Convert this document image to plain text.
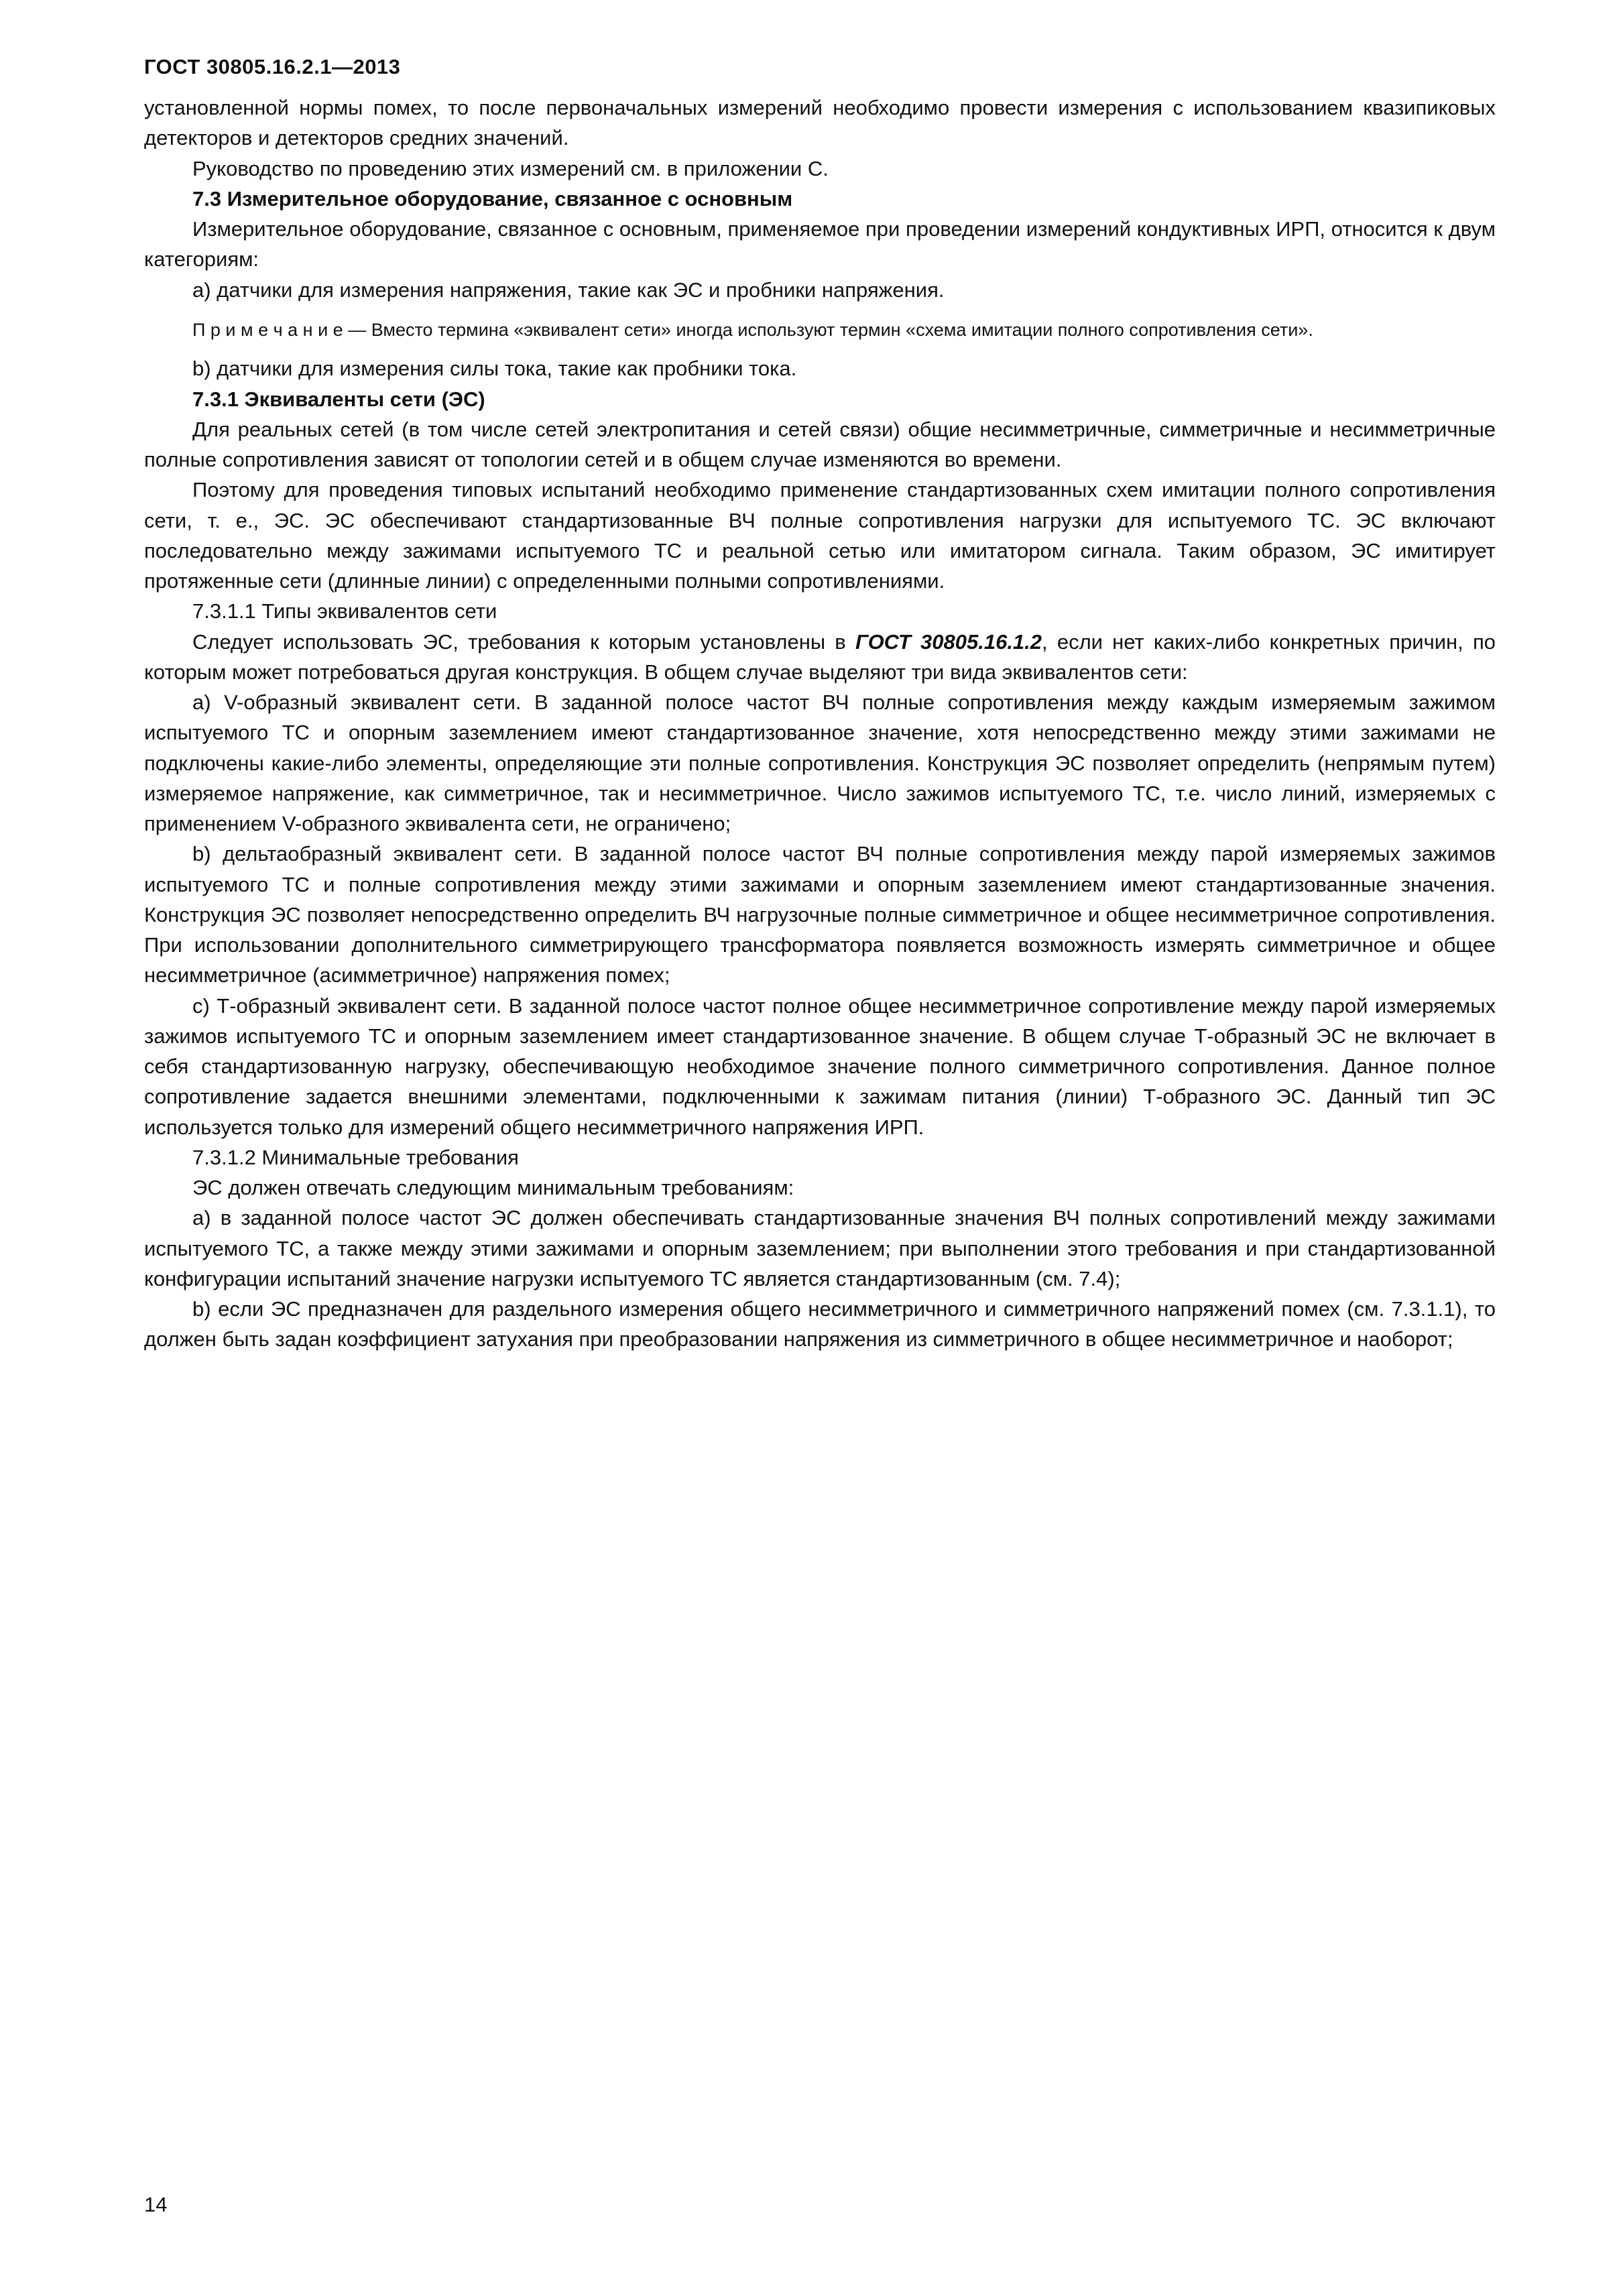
ГОСТ 30805.16.2.1—2013

установленной нормы помех, то после первоначальных измерений необходимо провести измерения с использованием квазипиковых детекторов и детекторов средних значений.

Руководство по проведению этих измерений см. в приложении С.

7.3 Измерительное оборудование, связанное с основным

Измерительное оборудование, связанное с основным, применяемое при проведении измерений кондуктивных ИРП, относится к двум категориям:

a) датчики для измерения напряжения, такие как ЭС и пробники напряжения.

П р и м е ч а н и е — Вместо термина «эквивалент сети» иногда используют термин «схема имитации полного сопротивления сети».

b) датчики для измерения силы тока, такие как пробники тока.

7.3.1 Эквиваленты сети (ЭС)

Для реальных сетей (в том числе сетей электропитания и сетей связи) общие несимметричные, симметричные и несимметричные полные сопротивления зависят от топологии сетей и в общем случае изменяются во времени.

Поэтому для проведения типовых испытаний необходимо применение стандартизованных схем имитации полного сопротивления сети, т. е., ЭС. ЭС обеспечивают стандартизованные ВЧ полные сопротивления нагрузки для испытуемого ТС. ЭС включают последовательно между зажимами испытуемого ТС и реальной сетью или имитатором сигнала. Таким образом, ЭС имитирует протяженные сети (длинные линии) с определенными полными сопротивлениями.

7.3.1.1 Типы эквивалентов сети

Следует использовать ЭС, требования к которым установлены в ГОСТ 30805.16.1.2, если нет каких-либо конкретных причин, по которым может потребоваться другая конструкция. В общем случае выделяют три вида эквивалентов сети:

a) V-образный эквивалент сети. В заданной полосе частот ВЧ полные сопротивления между каждым измеряемым зажимом испытуемого ТС и опорным заземлением имеют стандартизованное значение, хотя непосредственно между этими зажимами не подключены какие-либо элементы, определяющие эти полные сопротивления. Конструкция ЭС позволяет определить (непрямым путем) измеряемое напряжение, как симметричное, так и несимметричное. Число зажимов испытуемого ТС, т.е. число линий, измеряемых с применением V-образного эквивалента сети, не ограничено;

b) дельтаобразный эквивалент сети. В заданной полосе частот ВЧ полные сопротивления между парой измеряемых зажимов испытуемого ТС и полные сопротивления между этими зажимами и опорным заземлением имеют стандартизованные значения. Конструкция ЭС позволяет непосредственно определить ВЧ нагрузочные полные симметричное и общее несимметричное сопротивления. При использовании дополнительного симметрирующего трансформатора появляется возможность измерять симметричное и общее несимметричное (асимметричное) напряжения помех;

c) Т-образный эквивалент сети. В заданной полосе частот полное общее несимметричное сопротивление между парой измеряемых зажимов испытуемого ТС и опорным заземлением имеет стандартизованное значение. В общем случае Т-образный ЭС не включает в себя стандартизованную нагрузку, обеспечивающую необходимое значение полного симметричного сопротивления. Данное полное сопротивление задается внешними элементами, подключенными к зажимам питания (линии) Т-образного ЭС. Данный тип ЭС используется только для измерений общего несимметричного напряжения ИРП.

7.3.1.2 Минимальные требования

ЭС должен отвечать следующим минимальным требованиям:

a) в заданной полосе частот ЭС должен обеспечивать стандартизованные значения ВЧ полных сопротивлений между зажимами испытуемого ТС, а также между этими зажимами и опорным заземлением; при выполнении этого требования и при стандартизованной конфигурации испытаний значение нагрузки испытуемого ТС является стандартизованным (см. 7.4);

b) если ЭС предназначен для раздельного измерения общего несимметричного и симметричного напряжений помех (см. 7.3.1.1), то должен быть задан коэффициент затухания при преобразовании напряжения из симметричного в общее несимметричное и наоборот;

14
